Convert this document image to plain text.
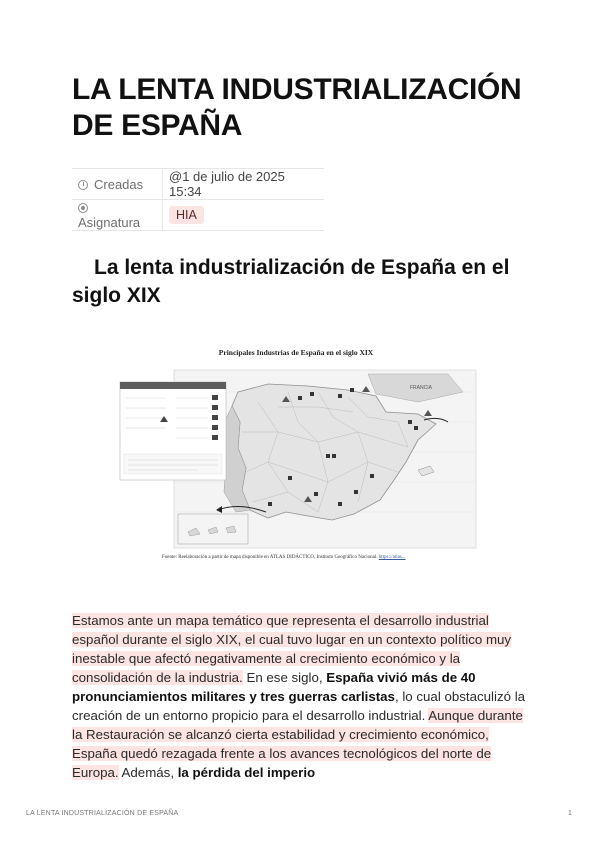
LA LENTA INDUSTRIALIZACIÓN DE ESPAÑA
Creadas	@1 de julio de 2025 15:34
Asignatura	HIA
La lenta industrialización de España en el siglo XIX
Principales Industrias de España en el siglo XIX
FRANCIA
Fuente: Reelaboración a partir de mapa disponible en ATLAS DIDÁCTICO, Instituto Geográfico Nacional. https://atlas...

Estamos ante un mapa temático que representa el desarrollo industrial español durante el siglo XIX, el cual tuvo lugar en un contexto político muy inestable que afectó negativamente al crecimiento económico y la consolidación de la industria. En ese siglo, España vivió más de 40 pronunciamientos militares y tres guerras carlistas, lo cual obstaculizó la creación de un entorno propicio para el desarrollo industrial. Aunque durante la Restauración se alcanzó cierta estabilidad y crecimiento económico, España quedó rezagada frente a los avances tecnológicos del norte de Europa. Además, la pérdida del imperio

LA LENTA INDUSTRIALIZACIÓN DE ESPAÑA	1
